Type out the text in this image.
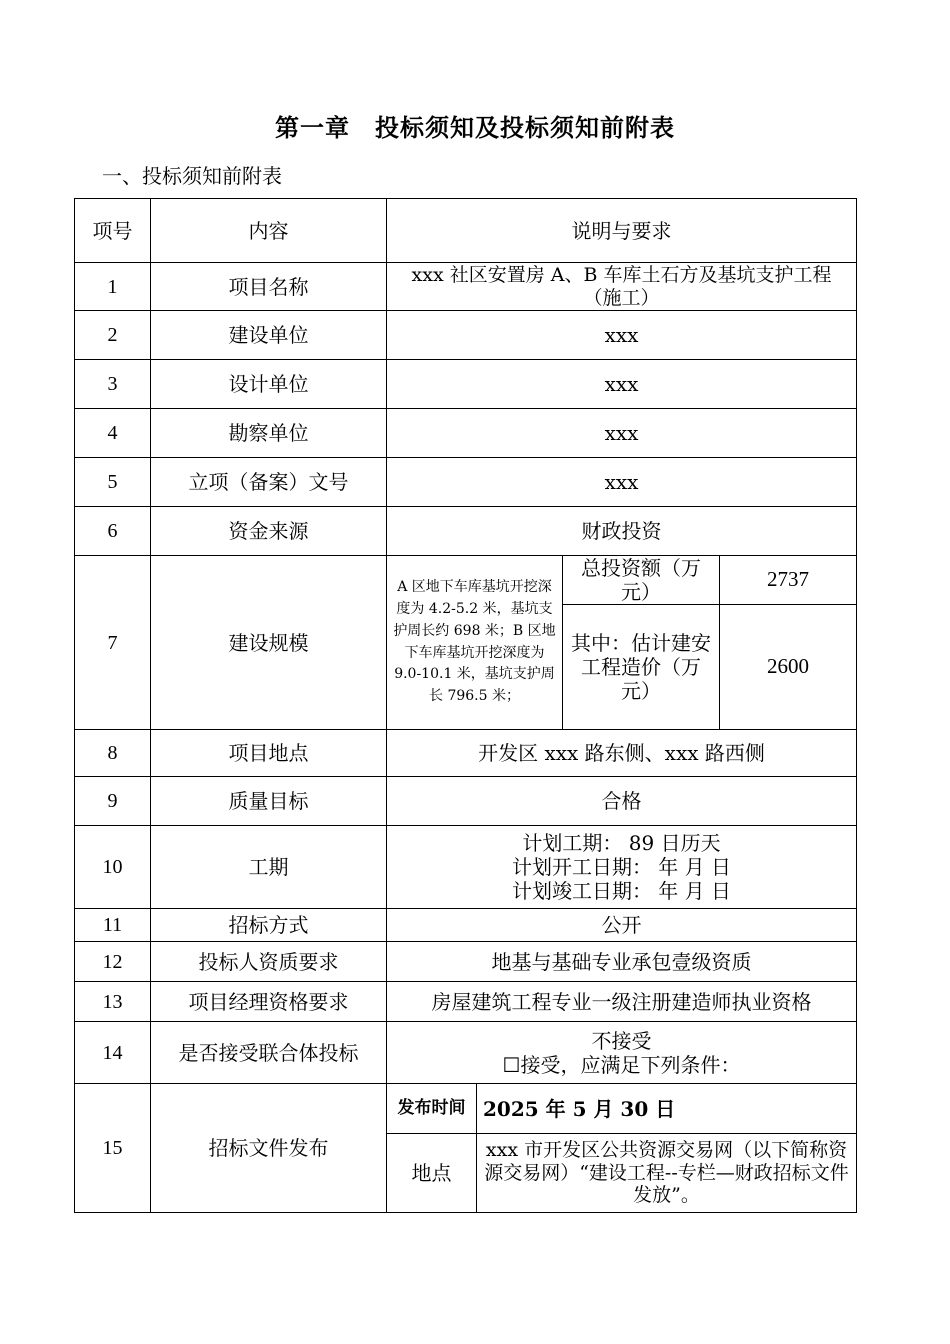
第一章　投标须知及投标须知前附表
一、投标须知前附表
项号	内容	说明与要求			
1	项目名称	xxx 社区安置房 A、B 车库土石方及基坑支护工程（施工）			
2	建设单位	xxx			
3	设计单位	xxx			
4	勘察单位	xxx			
5	立项（备案）文号	xxx			
6	资金来源	财政投资			
7	建设规模	A 区地下车库基坑开挖深度为 4.2-5.2 米，基坑支护周长约 698 米；B 区地下车库基坑开挖深度为 9.0-10.1 米，基坑支护周长 796.5 米；		总投资额（万元）	2737
				其中：估计建安工程造价（万元）	2600
8	项目地点	开发区 xxx 路东侧、xxx 路西侧			
9	质量目标	合格			
10	工期	计划工期： 89 日历天
计划开工日期： 年 月 日
计划竣工日期： 年 月 日			

11	招标方式	公开			
12	投标人资质要求	地基与基础专业承包壹级资质			
13	项目经理资格要求	房屋建筑工程专业一级注册建造师执业资格			
14	是否接受联合体投标	不接受
☐接受，应满足下列条件：			

15	招标文件发布	发布时间	2025 年 5 月 30 日		
		地点	xxx 市开发区公共资源交易网（以下简称资源交易网）“建设工程--专栏—财政招标文件发放”。		
